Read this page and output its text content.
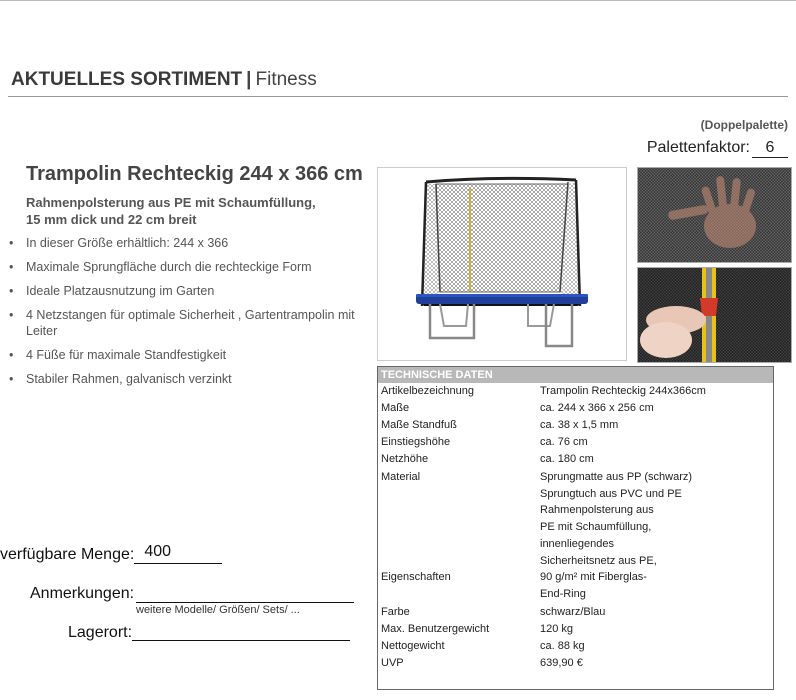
AKTUELLES SORTIMENT | Fitness
(Doppelpalette)
Palettenfaktor: 6
Trampolin Rechteckig 244 x 366 cm
Rahmenpolsterung aus PE mit Schaumfüllung,
15 mm dick und 22 cm breit
• In dieser Größe erhältlich: 244 x 366
• Maximale Sprungfläche durch die rechteckige Form
• Ideale Platzausnutzung im Garten
• 4 Netzstangen für optimale Sicherheit , Gartentrampolin mit Leiter
• 4 Füße für maximale Standfestigkeit
• Stabiler Rahmen, galvanisch verzinkt	TECHNISCHE DATEN
Artikelbezeichnung	Trampolin Rechteckig 244x366cm
Maße	ca. 244 x 366 x 256 cm
Maße Standfuß	ca. 38 x 1,5 mm
Einstiegshöhe	ca. 76 cm
Netzhöhe	ca. 180 cm
Material	Sprungmatte aus PP (schwarz)
Sprungtuch aus PVC und PE
Rahmenpolsterung aus
PE mit Schaumfüllung,
innenliegendes
Sicherheitsnetz aus PE,
Eigenschaften	90 g/m² mit Fiberglas-
End-Ring
Farbe	schwarz/Blau
Max. Benutzergewicht	120 kg
Nettogewicht	ca. 88 kg
UVP	639,90 €
verfügbare Menge: 400
Anmerkungen:
weitere Modelle/ Größen/ Sets/ ...
Lagerort:
